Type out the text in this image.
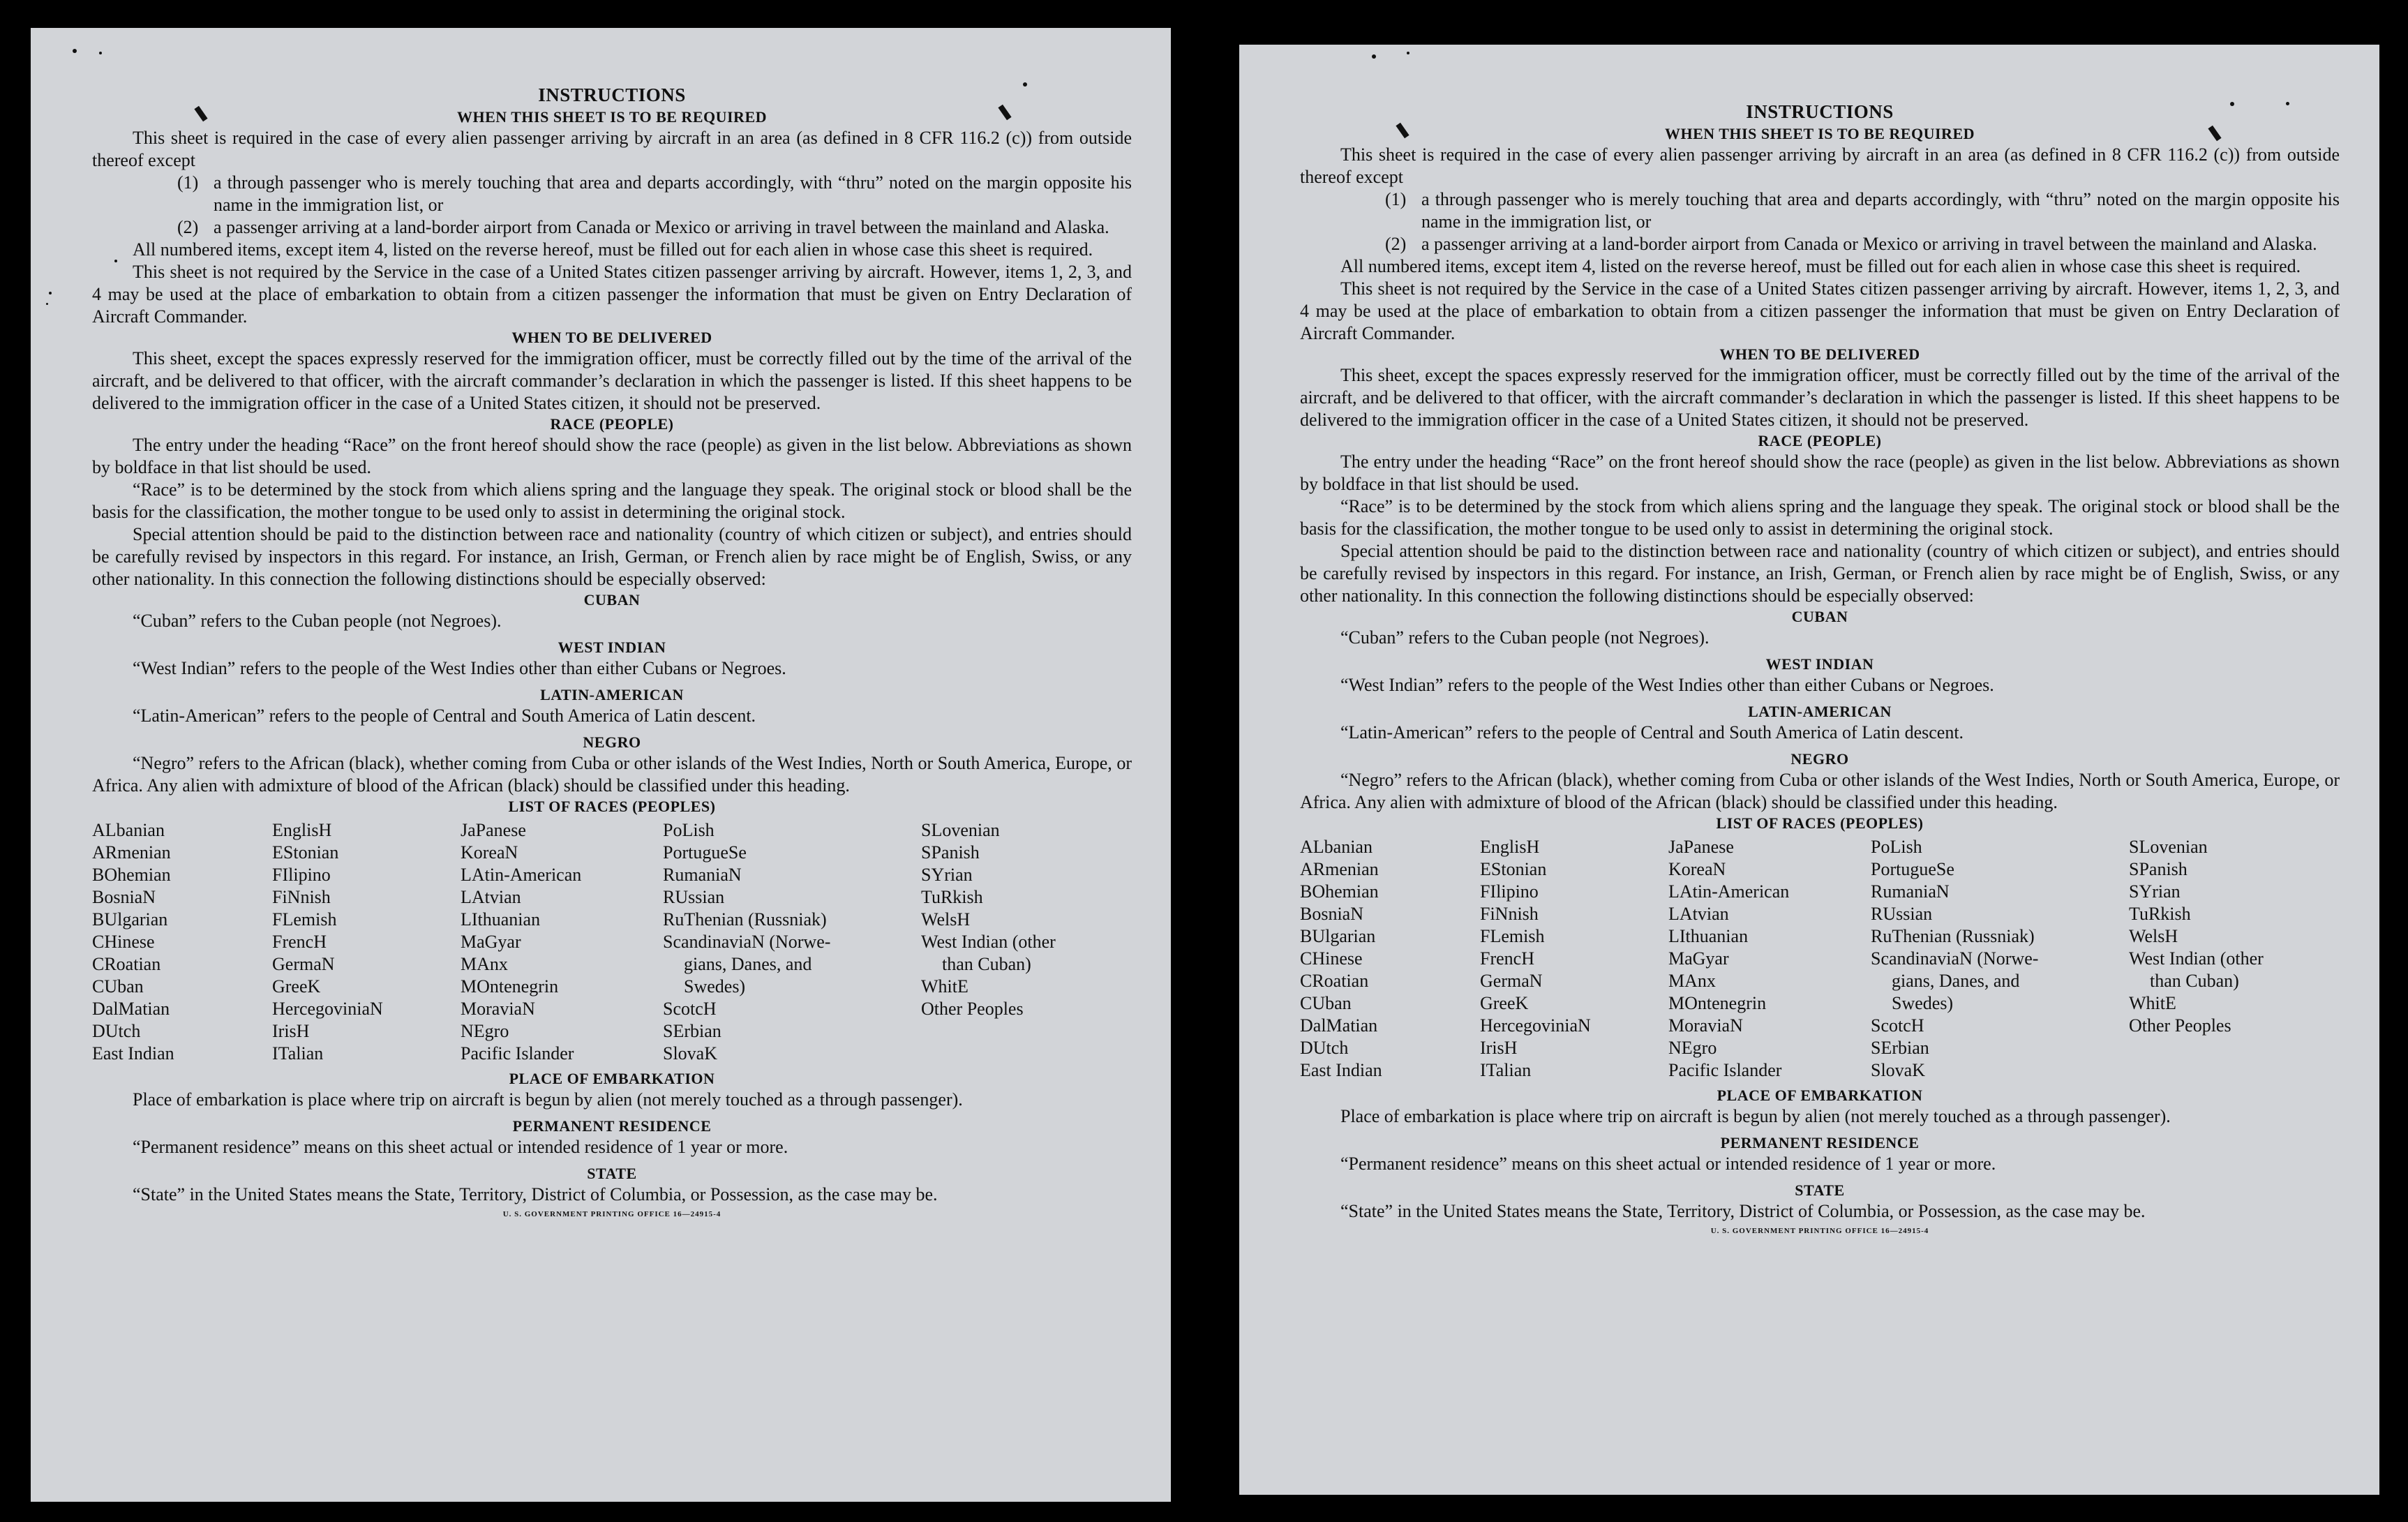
INSTRUCTIONS
WHEN THIS SHEET IS TO BE REQUIRED

This sheet is required in the case of every alien passenger arriving by aircraft in an area (as defined in 8 CFR 116.2 (c)) from outside thereof except

(1) a through passenger who is merely touching that area and departs accordingly, with “thru” noted on the margin opposite his name in the immigration list, or
(2) a passenger arriving at a land-border airport from Canada or Mexico or arriving in travel between the mainland and Alaska.

All numbered items, except item 4, listed on the reverse hereof, must be filled out for each alien in whose case this sheet is required.

This sheet is not required by the Service in the case of a United States citizen passenger arriving by aircraft. However, items 1, 2, 3, and 4 may be used at the place of embarkation to obtain from a citizen passenger the information that must be given on Entry Declaration of Aircraft Commander.

WHEN TO BE DELIVERED

This sheet, except the spaces expressly reserved for the immigration officer, must be correctly filled out by the time of the arrival of the aircraft, and be delivered to that officer, with the aircraft commander’s declaration in which the passenger is listed. If this sheet happens to be delivered to the immigration officer in the case of a United States citizen, it should not be preserved.

RACE (PEOPLE)

The entry under the heading “Race” on the front hereof should show the race (people) as given in the list below. Abbreviations as shown by boldface in that list should be used.

“Race” is to be determined by the stock from which aliens spring and the language they speak. The original stock or blood shall be the basis for the classification, the mother tongue to be used only to assist in determining the original stock.

Special attention should be paid to the distinction between race and nationality (country of which citizen or subject), and entries should be carefully revised by inspectors in this regard. For instance, an Irish, German, or French alien by race might be of English, Swiss, or any other nationality. In this connection the following distinctions should be especially observed:

CUBAN

“Cuban” refers to the Cuban people (not Negroes).

WEST INDIAN

“West Indian” refers to the people of the West Indies other than either Cubans or Negroes.

LATIN-AMERICAN

“Latin-American” refers to the people of Central and South America of Latin descent.

NEGRO

“Negro” refers to the African (black), whether coming from Cuba or other islands of the West Indies, North or South America, Europe, or Africa. Any alien with admixture of blood of the African (black) should be classified under this heading.

LIST OF RACES (PEOPLES)
ALbanian
ARmenian
BOhemian
BosniaN
BUlgarian
CHinese
CRoatian
CUban
DalMatian
DUtch
East Indian
EnglisH
EStonian
FIlipino
FiNnish
FLemish
FrencH
GermaN
GreeK
HercegoviniaN
IrisH
ITalian
JaPanese
KoreaN
LAtin-American
LAtvian
LIthuanian
MaGyar
MAnx
MOntenegrin
MoraviaN
NEgro
Pacific Islander
PoLish
PortugueSe
RumaniaN
RUssian
RuThenian (Russniak)
ScandinaviaN (Norwe-
gians, Danes, and
Swedes)
ScotcH
SErbian
SlovaK
SLovenian
SPanish
SYrian
TuRkish
WelsH
West Indian (other
than Cuban)
WhitE
Other Peoples
PLACE OF EMBARKATION

Place of embarkation is place where trip on aircraft is begun by alien (not merely touched as a through passenger).

PERMANENT RESIDENCE

“Permanent residence” means on this sheet actual or intended residence of 1 year or more.

STATE

“State” in the United States means the State, Territory, District of Columbia, or Possession, as the case may be.

U. S. GOVERNMENT PRINTING OFFICE 16—24915-4
INSTRUCTIONS
WHEN THIS SHEET IS TO BE REQUIRED

This sheet is required in the case of every alien passenger arriving by aircraft in an area (as defined in 8 CFR 116.2 (c)) from outside thereof except

(1) a through passenger who is merely touching that area and departs accordingly, with “thru” noted on the margin opposite his name in the immigration list, or
(2) a passenger arriving at a land-border airport from Canada or Mexico or arriving in travel between the mainland and Alaska.

All numbered items, except item 4, listed on the reverse hereof, must be filled out for each alien in whose case this sheet is required.

This sheet is not required by the Service in the case of a United States citizen passenger arriving by aircraft. However, items 1, 2, 3, and 4 may be used at the place of embarkation to obtain from a citizen passenger the information that must be given on Entry Declaration of Aircraft Commander.

WHEN TO BE DELIVERED

This sheet, except the spaces expressly reserved for the immigration officer, must be correctly filled out by the time of the arrival of the aircraft, and be delivered to that officer, with the aircraft commander’s declaration in which the passenger is listed. If this sheet happens to be delivered to the immigration officer in the case of a United States citizen, it should not be preserved.

RACE (PEOPLE)

The entry under the heading “Race” on the front hereof should show the race (people) as given in the list below. Abbreviations as shown by boldface in that list should be used.

“Race” is to be determined by the stock from which aliens spring and the language they speak. The original stock or blood shall be the basis for the classification, the mother tongue to be used only to assist in determining the original stock.

Special attention should be paid to the distinction between race and nationality (country of which citizen or subject), and entries should be carefully revised by inspectors in this regard. For instance, an Irish, German, or French alien by race might be of English, Swiss, or any other nationality. In this connection the following distinctions should be especially observed:

CUBAN

“Cuban” refers to the Cuban people (not Negroes).

WEST INDIAN

“West Indian” refers to the people of the West Indies other than either Cubans or Negroes.

LATIN-AMERICAN

“Latin-American” refers to the people of Central and South America of Latin descent.

NEGRO

“Negro” refers to the African (black), whether coming from Cuba or other islands of the West Indies, North or South America, Europe, or Africa. Any alien with admixture of blood of the African (black) should be classified under this heading.

LIST OF RACES (PEOPLES)
ALbanian
ARmenian
BOhemian
BosniaN
BUlgarian
CHinese
CRoatian
CUban
DalMatian
DUtch
East Indian
EnglisH
EStonian
FIlipino
FiNnish
FLemish
FrencH
GermaN
GreeK
HercegoviniaN
IrisH
ITalian
JaPanese
KoreaN
LAtin-American
LAtvian
LIthuanian
MaGyar
MAnx
MOntenegrin
MoraviaN
NEgro
Pacific Islander
PoLish
PortugueSe
RumaniaN
RUssian
RuThenian (Russniak)
ScandinaviaN (Norwe-
gians, Danes, and
Swedes)
ScotcH
SErbian
SlovaK
SLovenian
SPanish
SYrian
TuRkish
WelsH
West Indian (other
than Cuban)
WhitE
Other Peoples
PLACE OF EMBARKATION

Place of embarkation is place where trip on aircraft is begun by alien (not merely touched as a through passenger).

PERMANENT RESIDENCE

“Permanent residence” means on this sheet actual or intended residence of 1 year or more.

STATE

“State” in the United States means the State, Territory, District of Columbia, or Possession, as the case may be.

U. S. GOVERNMENT PRINTING OFFICE 16—24915-4
